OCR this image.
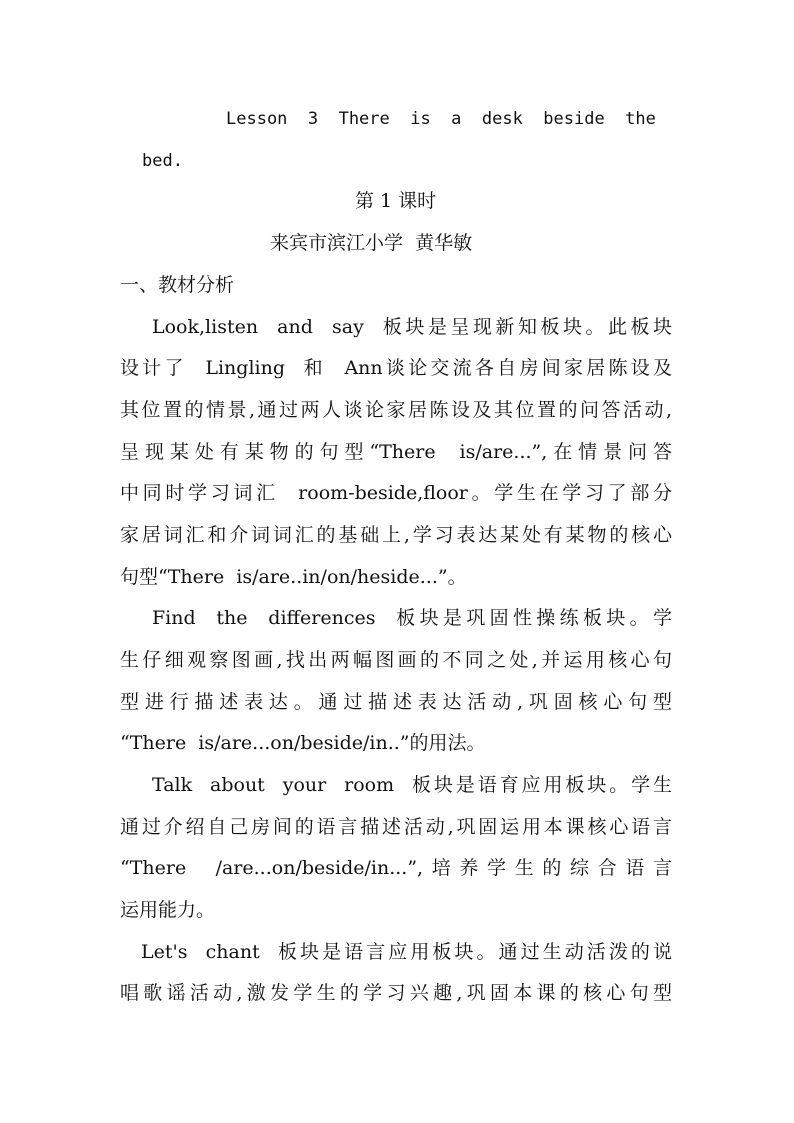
Lesson  3  There  is  a  desk  beside  the
bed.
第 1 课时
来宾市滨江小学  黄华敏
一、教材分析
Look,listen  and  say  板块是呈现新知板块。此板块
设计了  Lingling  和  Ann谈论交流各自房间家居陈设及
其位置的情景,通过两人谈论家居陈设及其位置的问答活动,
呈现某处有某物的句型“There  is/are...”,在情景问答
中同时学习词汇  room-beside,floor。学生在学习了部分
家居词汇和介词词汇的基础上,学习表达某处有某物的核心
句型“There  is/are..in/on/heside...”。
Find  the  differences  板块是巩固性操练板块。学
生仔细观察图画,找出两幅图画的不同之处,并运用核心句
型进行描述表达。通过描述表达活动,巩固核心句型
“There  is/are...on/beside/in..”的用法。
Talk  about  your  room  板块是语育应用板块。学生
通过介绍自己房间的语言描述活动,巩固运用本课核心语言
“There  /are...on/beside/in...”,培养学生的综合语言
运用能力。
Let's  chant  板块是语言应用板块。通过生动活泼的说
唱歌谣活动,激发学生的学习兴趣,巩固本课的核心句型
